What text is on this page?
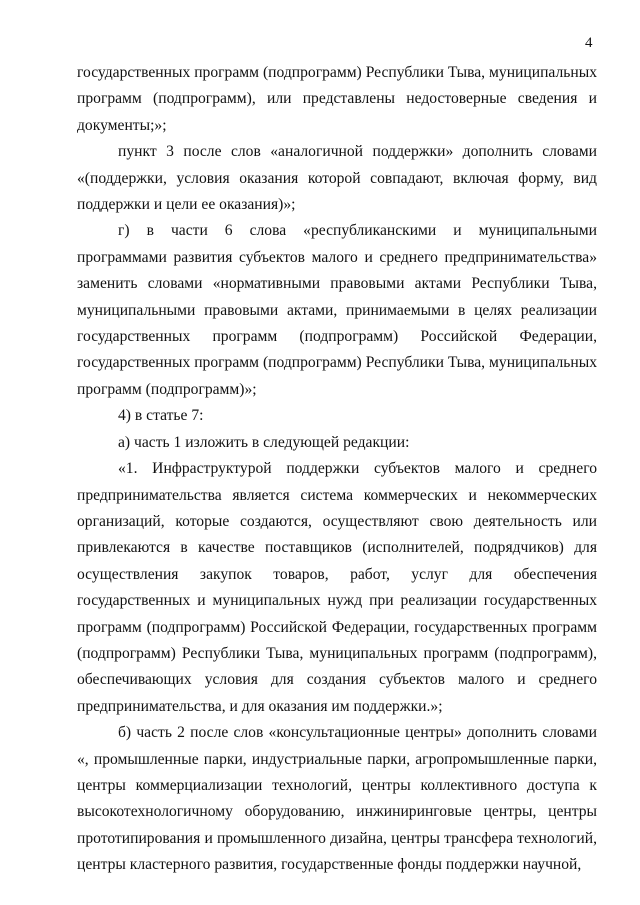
4

государственных программ (подпрограмм) Республики Тыва, муниципальных программ (подпрограмм), или представлены недостоверные сведения и документы;»;

пункт 3 после слов «аналогичной поддержки» дополнить словами «(поддержки, условия оказания которой совпадают, включая форму, вид поддержки и цели ее оказания)»;

г) в части 6 слова «республиканскими и муниципальными программами развития субъектов малого и среднего предпринимательства» заменить словами «нормативными правовыми актами Республики Тыва, муниципальными правовыми актами, принимаемыми в целях реализации государственных программ (подпрограмм) Российской Федерации, государственных программ (подпрограмм) Республики Тыва, муниципальных программ (подпрограмм)»;

4) в статье 7:

а) часть 1 изложить в следующей редакции:

«1. Инфраструктурой поддержки субъектов малого и среднего предпринимательства является система коммерческих и некоммерческих организаций, которые создаются, осуществляют свою деятельность или привлекаются в качестве поставщиков (исполнителей, подрядчиков) для осуществления закупок товаров, работ, услуг для обеспечения государственных и муниципальных нужд при реализации государственных программ (подпрограмм) Российской Федерации, государственных программ (подпрограмм) Республики Тыва, муниципальных программ (подпрограмм), обеспечивающих условия для создания субъектов малого и среднего предпринимательства, и для оказания им поддержки.»;

б) часть 2 после слов «консультационные центры» дополнить словами «, промышленные парки, индустриальные парки, агропромышленные парки, центры коммерциализации технологий, центры коллективного доступа к высокотехнологичному оборудованию, инжиниринговые центры, центры прототипирования и промышленного дизайна, центры трансфера технологий, центры кластерного развития, государственные фонды поддержки научной,
